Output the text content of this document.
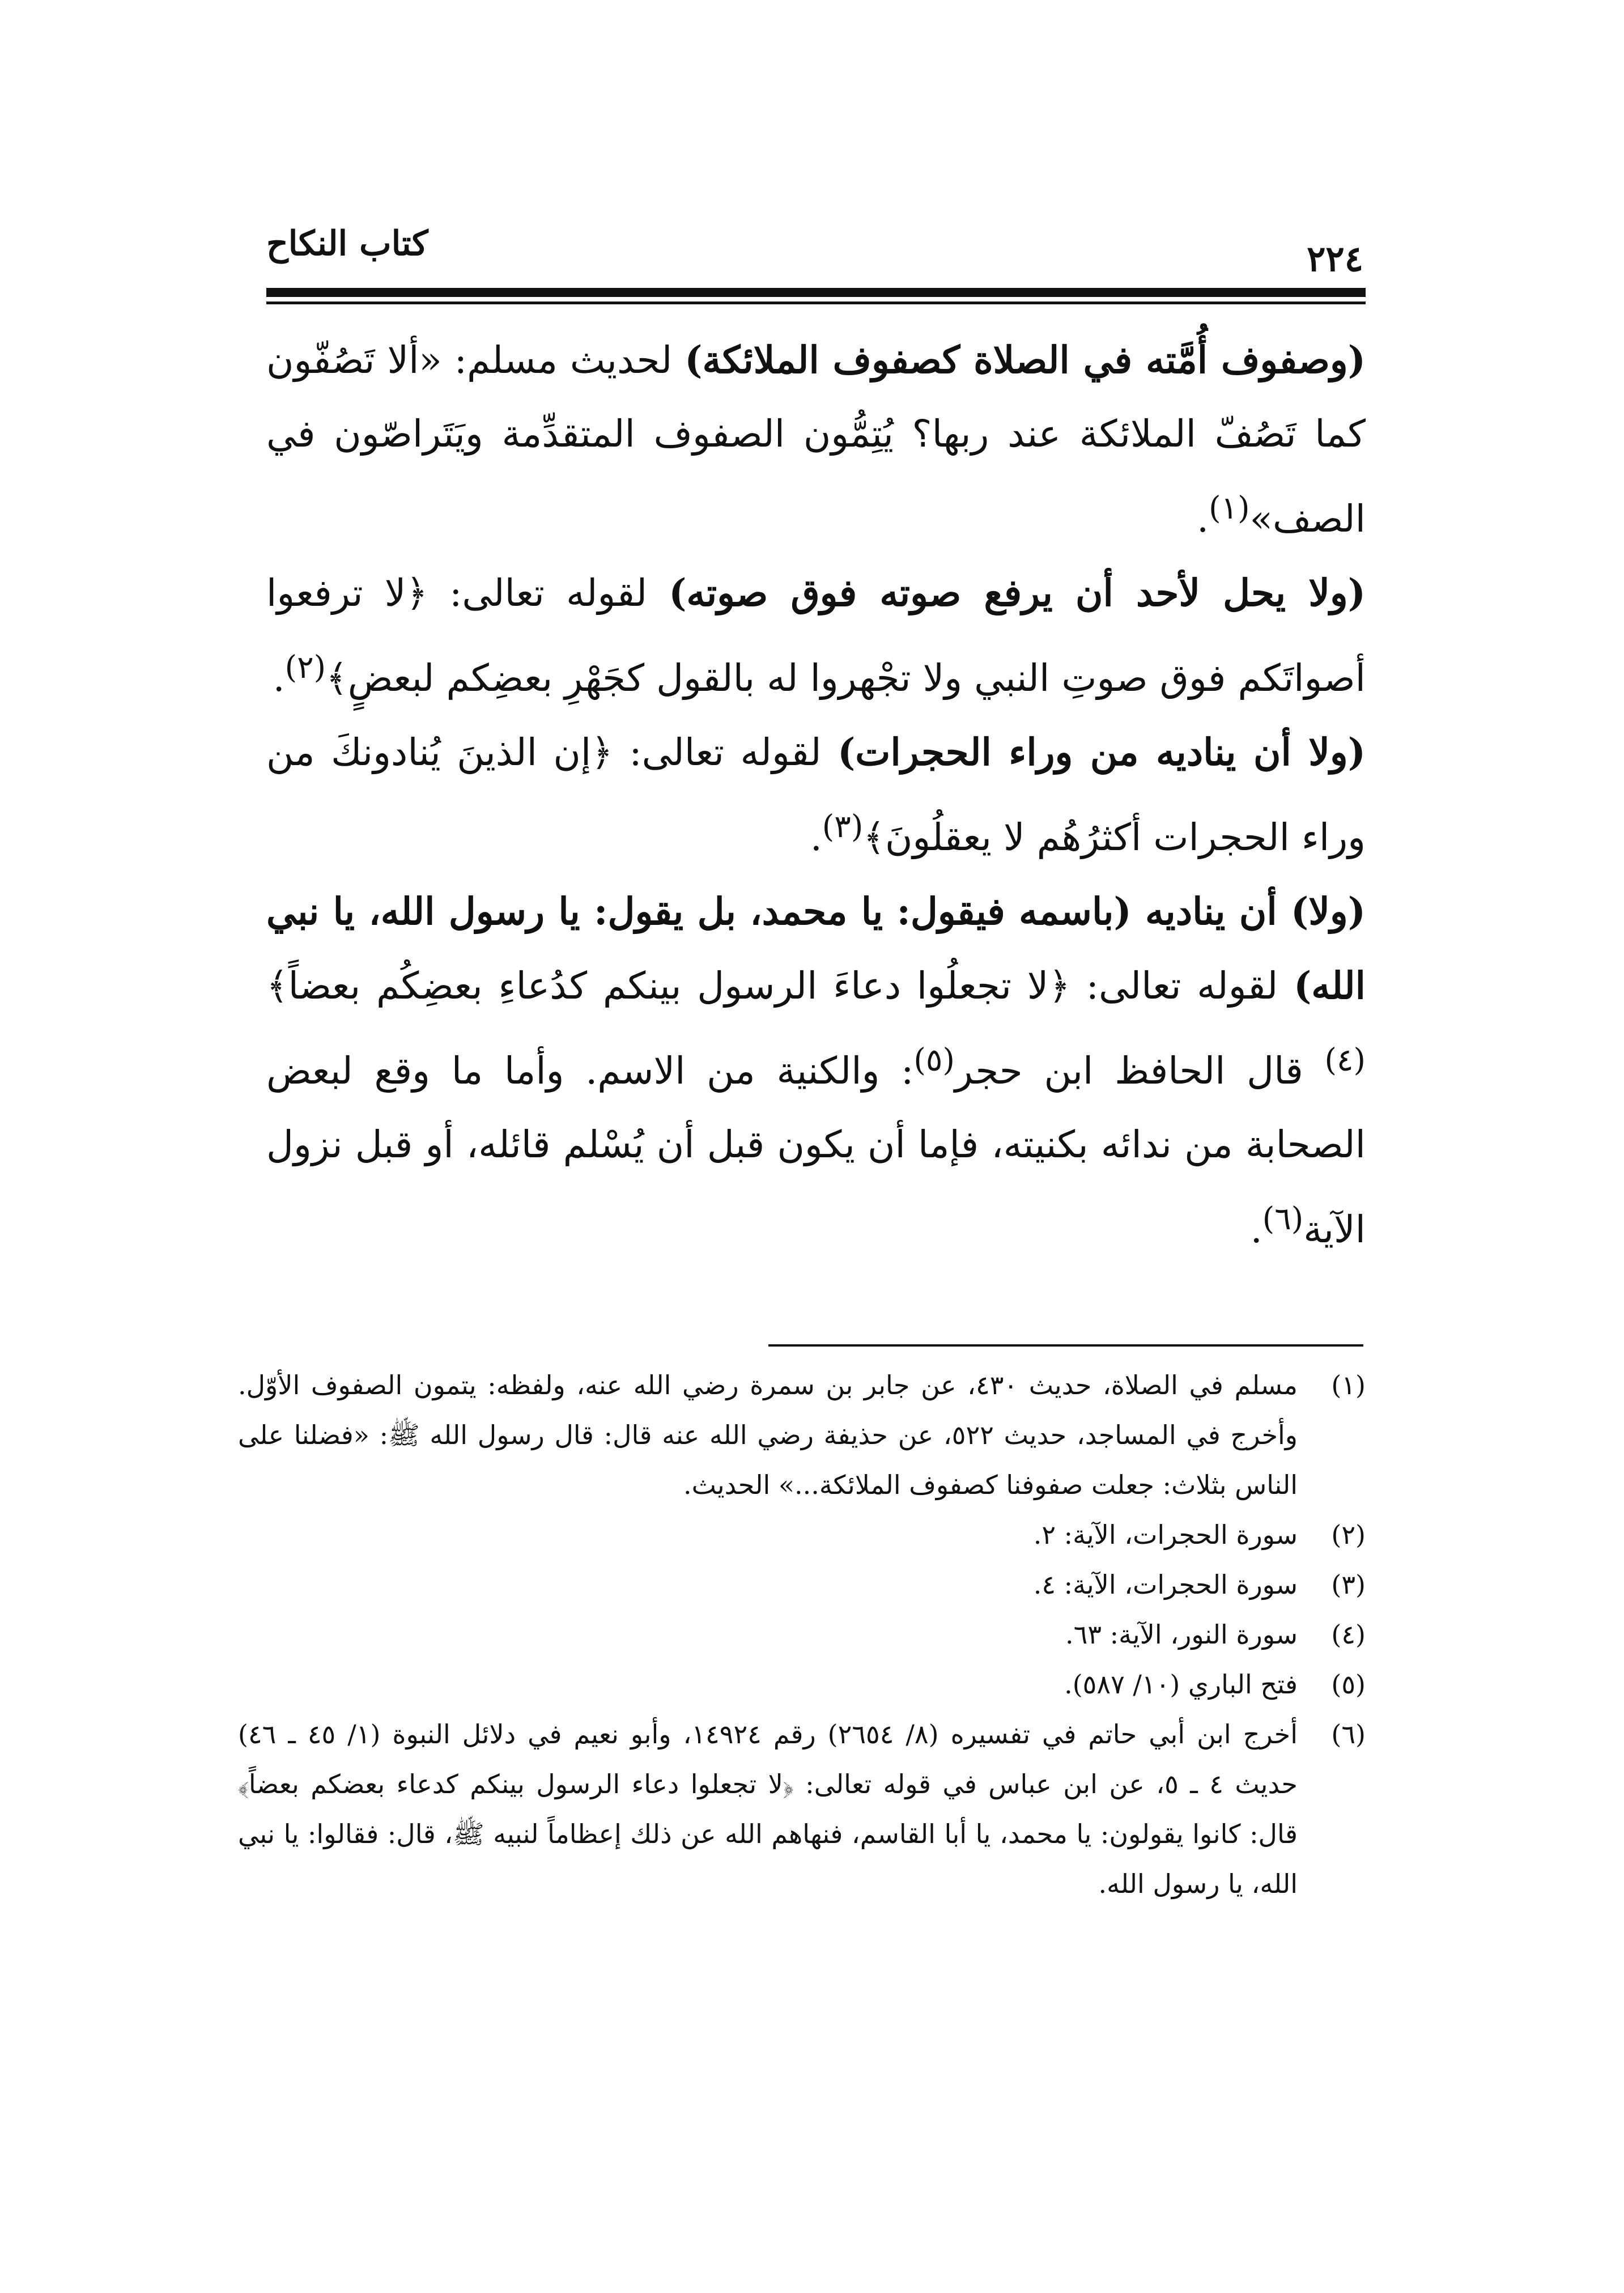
كتاب النكاح	٢٢٤

(وصفوف أُمَّته في الصلاة كصفوف الملائكة) لحديث مسلم: «ألا تَصُفّون كما تَصُفّ الملائكة عند ربها؟ يُتِمُّون الصفوف المتقدِّمة ويَتَراصّون في الصف»$^{(١)}$.

(ولا يحل لأحد أن يرفع صوته فوق صوته) لقوله تعالى: ﴿لا ترفعوا أصواتَكم فوق صوتِ النبي ولا تجْهروا له بالقول كجَهْرِ بعضِكم لبعضٍ﴾$^{(٢)}$.

(ولا أن يناديه من وراء الحجرات) لقوله تعالى: ﴿إن الذينَ يُنادونكَ من وراء الحجرات أكثرُهُم لا يعقلُونَ﴾$^{(٣)}$.

(ولا) أن يناديه (باسمه فيقول: يا محمد، بل يقول: يا رسول الله، يا نبي الله) لقوله تعالى: ﴿لا تجعلُوا دعاءَ الرسول بينكم كدُعاءِ بعضِكُم بعضاً﴾$^{(٤)}$ قال الحافظ ابن حجر$^{(٥)}$: والكنية من الاسم. وأما ما وقع لبعض الصحابة من ندائه بكنيته، فإما أن يكون قبل أن يُسْلم قائله، أو قبل نزول الآية$^{(٦)}$.

(١)
مسلم في الصلاة، حديث ٤٣٠، عن جابر بن سمرة رضي الله عنه، ولفظه: يتمون الصفوف الأوّل. وأخرج في المساجد، حديث ٥٢٢، عن حذيفة رضي الله عنه قال: قال رسول الله ﷺ: «فضلنا على الناس بثلاث: جعلت صفوفنا كصفوف الملائكة...» الحديث.
(٢)
سورة الحجرات، الآية: ٢.
(٣)
سورة الحجرات، الآية: ٤.
(٤)
سورة النور، الآية: ٦٣.
(٥)
فتح الباري (١٠/ ٥٨٧).
(٦)
أخرج ابن أبي حاتم في تفسيره (٨/ ٢٦٥٤) رقم ١٤٩٢٤، وأبو نعيم في دلائل النبوة (١/ ٤٥ ـ ٤٦) حديث ٤ ـ ٥، عن ابن عباس في قوله تعالى: ﴿لا تجعلوا دعاء الرسول بينكم كدعاء بعضكم بعضاً﴾ قال: كانوا يقولون: يا محمد، يا أبا القاسم، فنهاهم الله عن ذلك إعظاماً لنبيه ﷺ، قال: فقالوا: يا نبي الله، يا رسول الله.
